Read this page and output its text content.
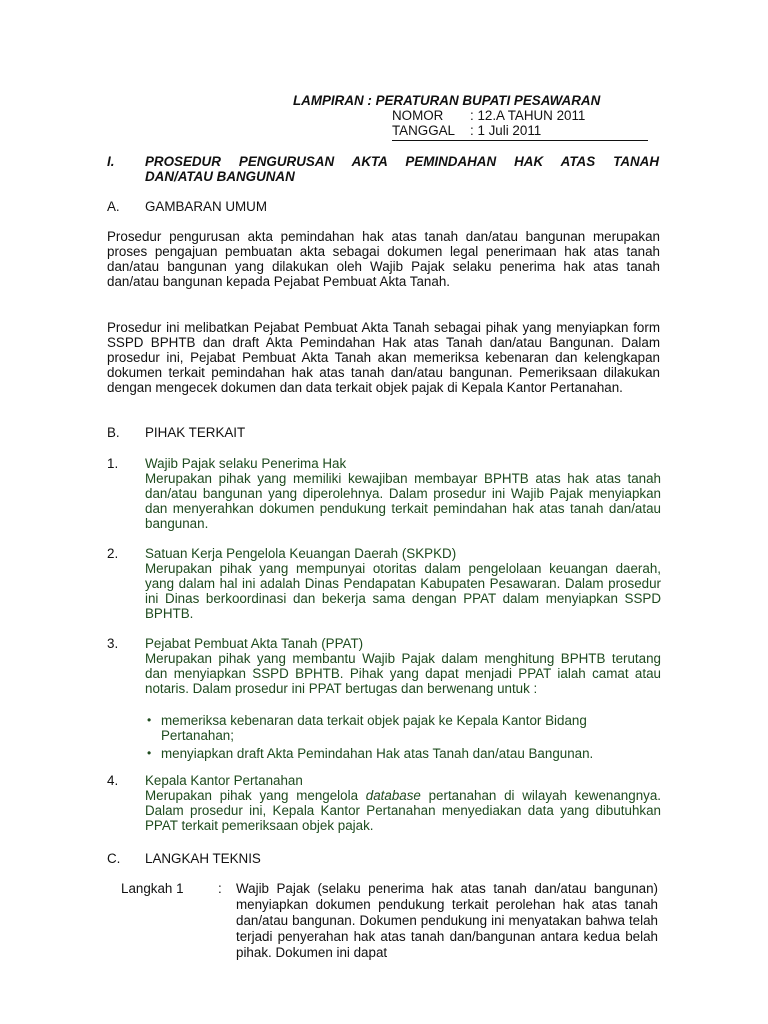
LAMPIRAN : PERATURAN BUPATI PESAWARAN
NOMOR : 12.A TAHUN 2011
TANGGAL : 1 Juli 2011
I. PROSEDUR PENGURUSAN AKTA PEMINDAHAN HAK ATAS TANAH
DAN/ATAU BANGUNAN
A. GAMBARAN UMUM

Prosedur pengurusan akta pemindahan hak atas tanah dan/atau bangunan merupakan proses pengajuan pembuatan akta sebagai dokumen legal penerimaan hak atas tanah dan/atau bangunan yang dilakukan oleh Wajib Pajak selaku penerima hak atas tanah dan/atau bangunan kepada Pejabat Pembuat Akta Tanah.

Prosedur ini melibatkan Pejabat Pembuat Akta Tanah sebagai pihak yang menyiapkan form SSPD BPHTB dan draft Akta Pemindahan Hak atas Tanah dan/atau Bangunan. Dalam prosedur ini, Pejabat Pembuat Akta Tanah akan memeriksa kebenaran dan kelengkapan dokumen terkait pemindahan hak atas tanah dan/atau bangunan. Pemeriksaan dilakukan dengan mengecek dokumen dan data terkait objek pajak di Kepala Kantor Pertanahan.

B. PIHAK TERKAIT
1. Wajib Pajak selaku Penerima Hak

Merupakan pihak yang memiliki kewajiban membayar BPHTB atas hak atas tanah dan/atau bangunan yang diperolehnya. Dalam prosedur ini Wajib Pajak menyiapkan dan menyerahkan dokumen pendukung terkait pemindahan hak atas tanah dan/atau bangunan.

2. Satuan Kerja Pengelola Keuangan Daerah (SKPKD)

Merupakan pihak yang mempunyai otoritas dalam pengelolaan keuangan daerah, yang dalam hal ini adalah Dinas Pendapatan Kabupaten Pesawaran. Dalam prosedur ini Dinas berkoordinasi dan bekerja sama dengan PPAT dalam menyiapkan SSPD BPHTB.

3. Pejabat Pembuat Akta Tanah (PPAT)

Merupakan pihak yang membantu Wajib Pajak dalam menghitung BPHTB terutang dan menyiapkan SSPD BPHTB. Pihak yang dapat menjadi PPAT ialah camat atau notaris. Dalam prosedur ini PPAT bertugas dan berwenang untuk :

• memeriksa kebenaran data terkait objek pajak ke Kepala Kantor Bidang Pertanahan;
• menyiapkan draft Akta Pemindahan Hak atas Tanah dan/atau Bangunan.
4. Kepala Kantor Pertanahan

Merupakan pihak yang mengelola database pertanahan di wilayah kewenangnya. Dalam prosedur ini, Kepala Kantor Pertanahan menyediakan data yang dibutuhkan PPAT terkait pemeriksaan objek pajak.

C. LANGKAH TEKNIS
Langkah 1	: Wajib Pajak (selaku penerima hak atas tanah dan/atau bangunan) menyiapkan dokumen pendukung terkait perolehan hak atas tanah dan/atau bangunan. Dokumen pendukung ini menyatakan bahwa telah terjadi penyerahan hak atas tanah dan/bangunan antara kedua belah pihak. Dokumen ini dapat
